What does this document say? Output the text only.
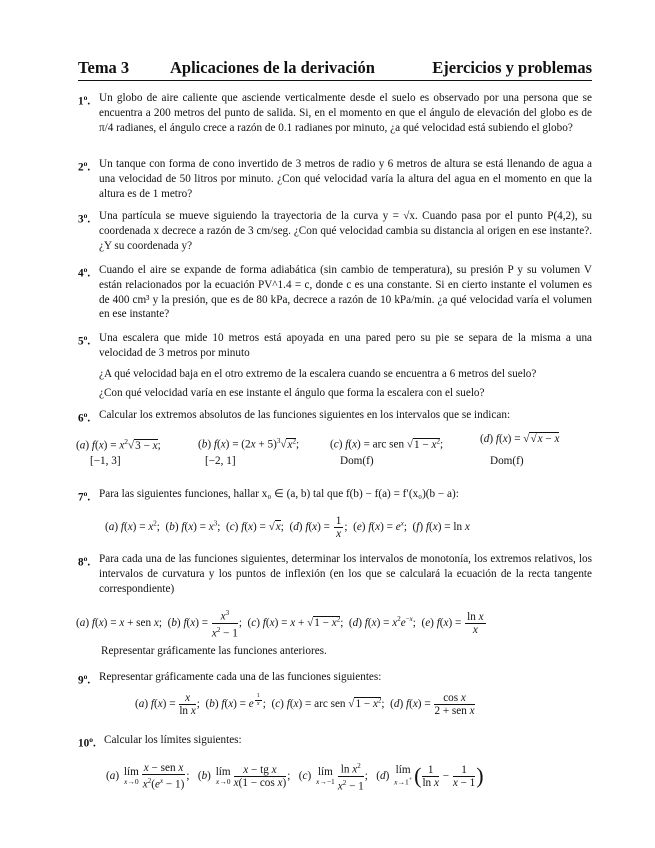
Tema 3 Aplicaciones de la derivación	Ejercicios y problemas
1$^o$. Un globo de aire caliente que asciende verticalmente desde el suelo es observado por una persona que se encuentra a 200 metros del punto de salida. Si, en el momento en que el ángulo de elevación del globo es de π/4 radianes, el ángulo crece a razón de 0.1 radianes por minuto, ¿a qué velocidad está subiendo el globo?
2$^o$. Un tanque con forma de cono invertido de 3 metros de radio y 6 metros de altura se está llenando de agua a una velocidad de 50 litros por minuto. ¿Con qué velocidad varía la altura del agua en el momento en que la altura es de 1 metro?
3$^o$. Una partícula se mueve siguiendo la trayectoria de la curva y = √x. Cuando pasa por el punto P(4,2), su coordenada x decrece a razón de 3 cm/seg. ¿Con qué velocidad cambia su distancia al origen en ese instante?. ¿Y su coordenada y?
4$^o$. Cuando el aire se expande de forma adiabática (sin cambio de temperatura), su presión P y su volumen V están relacionados por la ecuación PV^1.4 = c, donde c es una constante. Si en cierto instante el volumen es de 400 cm³ y la presión, que es de 80 kPa, decrece a razón de 10 kPa/min. ¿a qué velocidad varía el volumen en ese instante?
5$^o$. Una escalera que mide 10 metros está apoyada en una pared pero su pie se separa de la misma a una velocidad de 3 metros por minuto
¿A qué velocidad baja en el otro extremo de la escalera cuando se encuentra a 6 metros del suelo?
¿Con qué velocidad varía en ese instante el ángulo que forma la escalera con el suelo?
6$^o$. Calcular los extremos absolutos de las funciones siguientes en los intervalos que se indican:
(a) $f(x) = x^2√3 - x$;	(b) $f(x) = (2x + 5)^3√x^2$;	(c) f(x) = arc sen $√1 - x^2$;	(d) f(x) = √√x − x
[−1, 3]	[−2, 1]	Dom(f)	Dom(f)
7$^o$. Para las siguientes funciones, hallar x₀ ∈ (a, b) tal que f(b) − f(a) = f′(x₀)(b − a):
(a) $f(x) = x^2$;  (b) $f(x) = x^3$;  (c) f(x) = √x;  (d) $f(x) = \frac{1}{x}$ ;  (e) $f(x) = e^x$;  (f) f(x) = ln x
8$^o$. Para cada una de las funciones siguientes, determinar los intervalos de monotonía, los extremos relativos, los intervalos de curvatura y los puntos de inflexión (en los que se calculará la ecuación de la recta tangente correspondiente)
(a) f(x) = x + sen x;  (b) $f(x) = \frac{x^3}{x^2 - 1}$ ;  (c) $f(x) = x + √1 - x^2$;  (d) $f(x) = x^2e^{-x}$;  (e) $f(x) = \frac{\text{ln x}}{x}$
Representar gráficamente las funciones anteriores.
9$^o$. Representar gráficamente cada una de las funciones siguientes:
(a) $f(x) = \frac{x}{\text{ln x}}$ ;  (b) f(x) = e $^{\frac{1}{x}}$ ;  (c) f(x) = arc sen $√1 - x^2$;  (d) $f(x) = \frac{\text{cos x}}{\text{2 + sen x}}$
10$^o$. Calcular los límites siguientes:
(a) lím
$x\to 0 \frac{\text{x − sen x}}{x^2(e^x - 1)}$ ;   (b) lím
$x\to 0 \frac{\text{x − tg x}}{\text{x(1 − cos x)}}$ ;   (c) lím
$x\to-1 \frac{\ln x^2}{x^2 - 1}$ ;   (d) lím
x→1+ ( $\frac{1}{\text{ln x}} - \frac{1}{x - 1}$ )
